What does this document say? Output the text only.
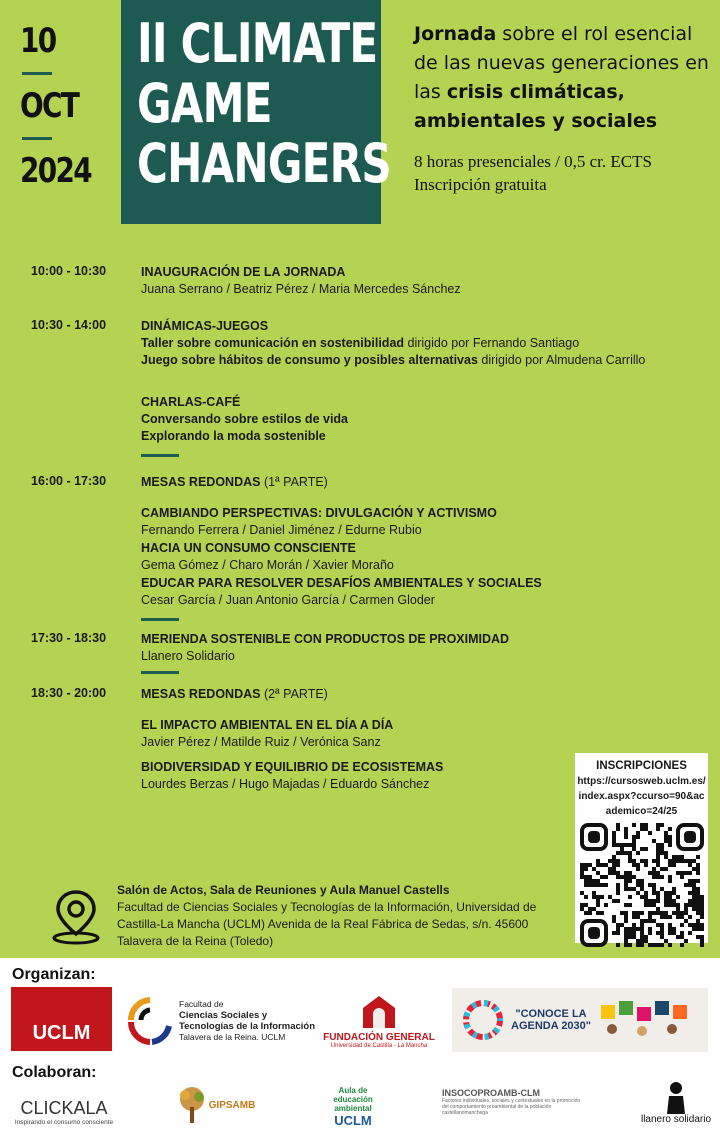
10
OCT
2024
II CLIMATE
GAME
CHANGERS
Jornada sobre el rol esencial de las nuevas generaciones en las crisis climáticas, ambientales y sociales
8 horas presenciales / 0,5 cr. ECTS
Inscripción gratuita
10:00 - 10:30	INAUGURACIÓN DE LA JORNADA
Juana Serrano / Beatriz Pérez / Maria Mercedes Sánchez
10:30 - 14:00	DINÁMICAS-JUEGOS
Taller sobre comunicación en sostenibilidad dirigido por Fernando Santiago
Juego sobre hábitos de consumo y posibles alternativas dirigido por Almudena Carrillo
CHARLAS-CAFÉ
Conversando sobre estilos de vida
Explorando la moda sostenible
16:00 - 17:30	MESAS REDONDAS (1ª PARTE)
CAMBIANDO PERSPECTIVAS: DIVULGACIÓN Y ACTIVISMO
Fernando Ferrera / Daniel Jiménez / Edurne Rubio
HACIA UN CONSUMO CONSCIENTE
Gema Gómez / Charo Morán / Xavier Moraño
EDUCAR PARA RESOLVER DESAFÍOS AMBIENTALES Y SOCIALES
Cesar García / Juan Antonio García / Carmen Gloder
17:30 - 18:30	MERIENDA SOSTENIBLE CON PRODUCTOS DE PROXIMIDAD
Llanero Solidario
18:30 - 20:00	MESAS REDONDAS (2ª PARTE)
EL IMPACTO AMBIENTAL EN EL DÍA A DÍA
Javier Pérez / Matilde Ruiz / Verónica Sanz
BIODIVERSIDAD Y EQUILIBRIO DE ECOSISTEMAS
Lourdes Berzas / Hugo Majadas / Eduardo Sánchez
Salón de Actos, Sala de Reuniones y Aula Manuel Castells
Facultad de Ciencias Sociales y Tecnologías de la Información, Universidad de Castilla-La Mancha (UCLM) Avenida de la Real Fábrica de Sedas, s/n. 45600 Talavera de la Reina (Toledo)
INSCRIPCIONES
https://cursosweb.uclm.es/index.aspx?ccurso=90&academico=24/25
Organizan:
UCLM
Facultad de
Ciencias Sociales y
Tecnologías de la Información
Talavera de la Reina. UCLM	FUNDACIÓN GENERAL
Universidad de Castilla - La Mancha
"CONOCE LA AGENDA 2030"
Colaboran:
CLICKALA
Inspirando el consumo consciente
GIPSAMB
Aula de educación ambiental
UCLM
INSOCOPROAMB-CLM
Factores individuales, sociales y contextuales en la promoción del comportamiento proambiental de la población castellanomanchega
llanero solidario
